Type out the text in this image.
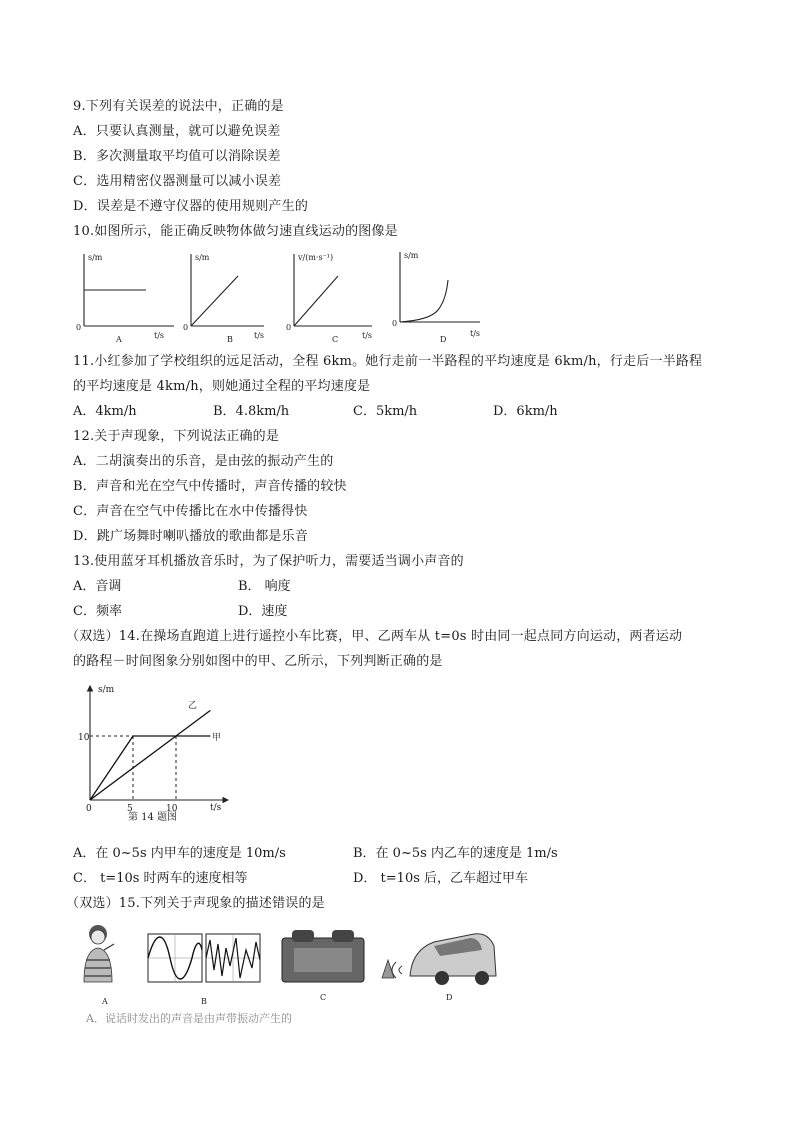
9.下列有关误差的说法中，正确的是
A．只要认真测量，就可以避免误差
B．多次测量取平均值可以消除误差
C．选用精密仪器测量可以减小误差
D．误差是不遵守仪器的使用规则产生的
10.如图所示，能正确反映物体做匀速直线运动的图像是
s/m
t/s
0
A
s/m
t/s
0
B
v/(m·s⁻¹)
t/s
0
C
s/m
t/s
0
D
11.小红参加了学校组织的远足活动，全程 6km。她行走前一半路程的平均速度是 6km/h，行走后一半路程
的平均速度是 4km/h，则她通过全程的平均速度是
A．4km/h	B．4.8km/h	C．5km/h	D．6km/h
12.关于声现象，下列说法正确的是
A．二胡演奏出的乐音，是由弦的振动产生的
B．声音和光在空气中传播时，声音传播的较快
C．声音在空气中传播比在水中传播得快
D．跳广场舞时喇叭播放的歌曲都是乐音
13.使用蓝牙耳机播放音乐时，为了保护听力，需要适当调小声音的
A．音调	B． 响度
C．频率	D．速度
（双选）14.在操场直跑道上进行遥控小车比赛，甲、乙两车从 t=0s 时由同一起点同方向运动，两者运动
的路程－时间图象分别如图中的甲、乙所示，下列判断正确的是
s/m
t/s
0	5	10
10	甲
乙
第 14 题图
A．在 0~5s 内甲车的速度是 10m/s	B．在 0~5s 内乙车的速度是 1m/s
C． t=10s 时两车的速度相等	D． t=10s 后，乙车超过甲车
（双选）15.下列关于声现象的描述错误的是
A	B	C	D
A．说话时发出的声音是由声带振动产生的
